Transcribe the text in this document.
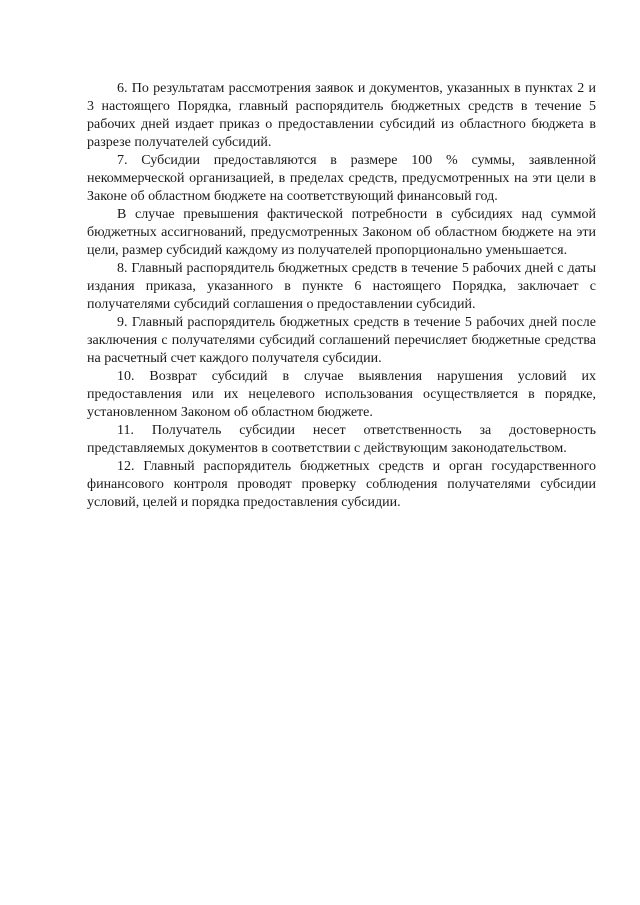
6. По результатам рассмотрения заявок и документов, указанных в пунктах 2 и 3 настоящего Порядка, главный распорядитель бюджетных средств в течение 5 рабочих дней издает приказ о предоставлении субсидий из областного бюджета в разрезе получателей субсидий.

7. Субсидии предоставляются в размере 100 % суммы, заявленной некоммерческой организацией, в пределах средств, предусмотренных на эти цели в Законе об областном бюджете на соответствующий финансовый год.

В случае превышения фактической потребности в субсидиях над суммой бюджетных ассигнований, предусмотренных Законом об областном бюджете на эти цели, размер субсидий каждому из получателей пропорционально уменьшается.

8. Главный распорядитель бюджетных средств в течение 5 рабочих дней с даты издания приказа, указанного в пункте 6 настоящего Порядка, заключает с получателями субсидий соглашения о предоставлении субсидий.

9. Главный распорядитель бюджетных средств в течение 5 рабочих дней после заключения с получателями субсидий соглашений перечисляет бюджетные средства на расчетный счет каждого получателя субсидии.

10. Возврат субсидий в случае выявления нарушения условий их предоставления или их нецелевого использования осуществляется в порядке, установленном Законом об областном бюджете.

11. Получатель субсидии несет ответственность за достоверность представляемых документов в соответствии с действующим законодательством.

12. Главный распорядитель бюджетных средств и орган государственного финансового контроля проводят проверку соблюдения получателями субсидии условий, целей и порядка предоставления субсидии.
